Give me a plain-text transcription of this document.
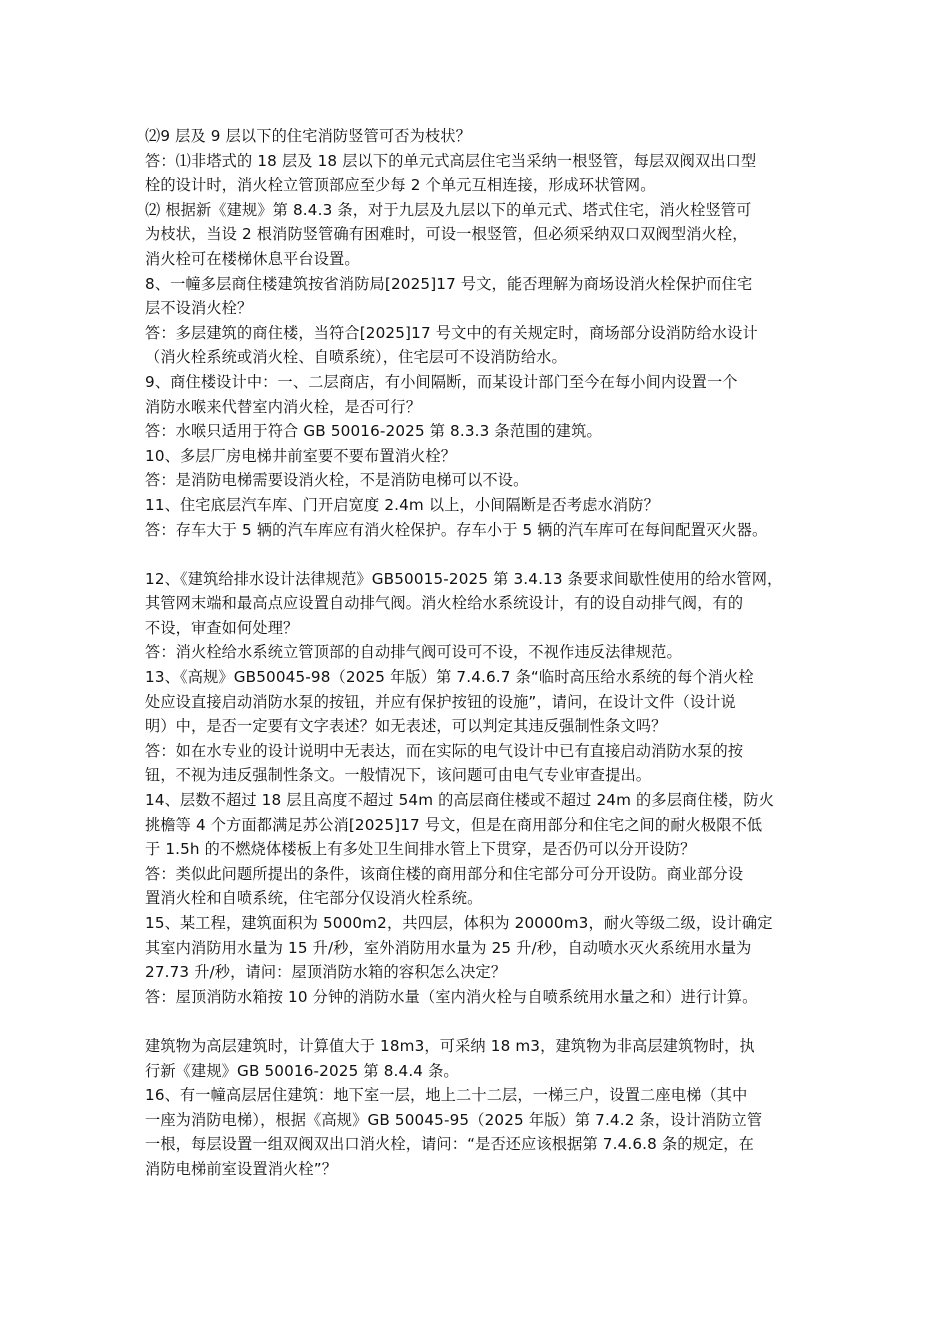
⑵9 层及 9 层以下的住宅消防竖管可否为枝状？
答：⑴非塔式的 18 层及 18 层以下的单元式高层住宅当采纳一根竖管，每层双阀双出口型
栓的设计时，消火栓立管顶部应至少每 2 个单元互相连接，形成环状管网。
⑵ 根据新《建规》第 8.4.3 条，对于九层及九层以下的单元式、塔式住宅，消火栓竖管可
为枝状，当设 2 根消防竖管确有困难时，可设一根竖管，但必须采纳双口双阀型消火栓，
消火栓可在楼梯休息平台设置。
8、一幢多层商住楼建筑按省消防局[2025]17 号文，能否理解为商场设消火栓保护而住宅
层不设消火栓？
答：多层建筑的商住楼，当符合[2025]17 号文中的有关规定时，商场部分设消防给水设计
（消火栓系统或消火栓、自喷系统），住宅层可不设消防给水。
9、商住楼设计中：一、二层商店，有小间隔断，而某设计部门至今在每小间内设置一个
消防水喉来代替室内消火栓，是否可行？
答：水喉只适用于符合 GB 50016-2025 第 8.3.3 条范围的建筑。
10、多层厂房电梯井前室要不要布置消火栓？
答：是消防电梯需要设消火栓，不是消防电梯可以不设。
11、住宅底层汽车库、门开启宽度 2.4m 以上，小间隔断是否考虑水消防？
答：存车大于 5 辆的汽车库应有消火栓保护。存车小于 5 辆的汽车库可在每间配置灭火器。
12、《建筑给排水设计法律规范》GB50015-2025 第 3.4.13 条要求间歇性使用的给水管网，
其管网末端和最高点应设置自动排气阀。消火栓给水系统设计，有的设自动排气阀，有的
不设，审查如何处理？
答：消火栓给水系统立管顶部的自动排气阀可设可不设，不视作违反法律规范。
13、《高规》GB50045-98（2025 年版）第 7.4.6.7 条“临时高压给水系统的每个消火栓
处应设直接启动消防水泵的按钮，并应有保护按钮的设施”，请问，在设计文件（设计说
明）中，是否一定要有文字表述？如无表述，可以判定其违反强制性条文吗？
答：如在水专业的设计说明中无表达，而在实际的电气设计中已有直接启动消防水泵的按
钮，不视为违反强制性条文。一般情况下，该问题可由电气专业审查提出。
14、层数不超过 18 层且高度不超过 54m 的高层商住楼或不超过 24m 的多层商住楼，防火
挑檐等 4 个方面都满足苏公消[2025]17 号文，但是在商用部分和住宅之间的耐火极限不低
于 1.5h 的不燃烧体楼板上有多处卫生间排水管上下贯穿，是否仍可以分开设防？
答：类似此问题所提出的条件，该商住楼的商用部分和住宅部分可分开设防。商业部分设
置消火栓和自喷系统，住宅部分仅设消火栓系统。
15、某工程，建筑面积为 5000m2，共四层，体积为 20000m3，耐火等级二级，设计确定
其室内消防用水量为 15 升/秒，室外消防用水量为 25 升/秒，自动喷水灭火系统用水量为
27.73 升/秒，请问：屋顶消防水箱的容积怎么决定？
答：屋顶消防水箱按 10 分钟的消防水量（室内消火栓与自喷系统用水量之和）进行计算。
建筑物为高层建筑时，计算值大于 18m3，可采纳 18 m3，建筑物为非高层建筑物时，执
行新《建规》GB 50016-2025 第 8.4.4 条。
16、有一幢高层居住建筑：地下室一层，地上二十二层，一梯三户，设置二座电梯（其中
一座为消防电梯），根据《高规》GB 50045-95（2025 年版）第 7.4.2 条，设计消防立管
一根，每层设置一组双阀双出口消火栓，请问：“是否还应该根据第 7.4.6.8 条的规定，在
消防电梯前室设置消火栓”？
